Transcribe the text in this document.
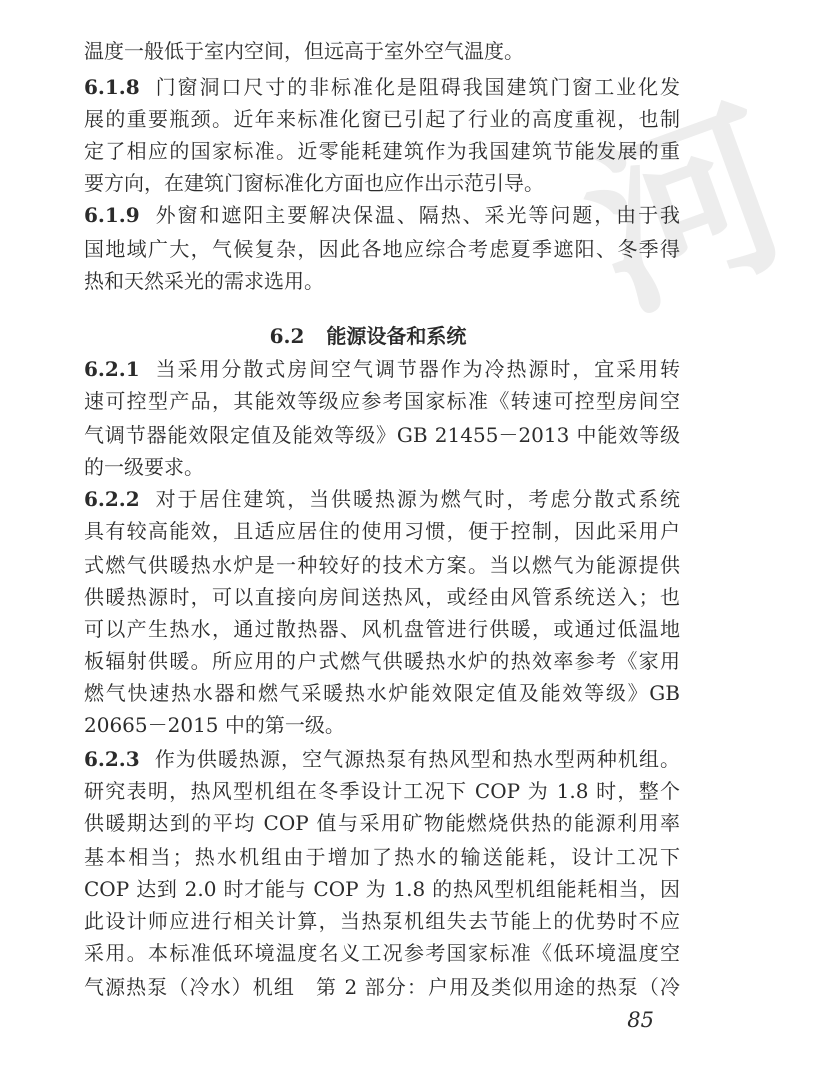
河
温度一般低于室内空间，但远高于室外空气温度。
6.1.8 门窗洞口尺寸的非标准化是阻碍我国建筑门窗工业化发
展的重要瓶颈。近年来标准化窗已引起了行业的高度重视，也制
定了相应的国家标准。近零能耗建筑作为我国建筑节能发展的重
要方向，在建筑门窗标准化方面也应作出示范引导。
6.1.9 外窗和遮阳主要解决保温、隔热、采光等问题，由于我
国地域广大，气候复杂，因此各地应综合考虑夏季遮阳、冬季得
热和天然采光的需求选用。
6.2.1 当采用分散式房间空气调节器作为冷热源时，宜采用转
速可控型产品，其能效等级应参考国家标准《转速可控型房间空
气调节器能效限定值及能效等级》GB 21455－2013 中能效等级
的一级要求。
6.2.2 对于居住建筑，当供暖热源为燃气时，考虑分散式系统
具有较高能效，且适应居住的使用习惯，便于控制，因此采用户
式燃气供暖热水炉是一种较好的技术方案。当以燃气为能源提供
供暖热源时，可以直接向房间送热风，或经由风管系统送入；也
可以产生热水，通过散热器、风机盘管进行供暖，或通过低温地
板辐射供暖。所应用的户式燃气供暖热水炉的热效率参考《家用
燃气快速热水器和燃气采暖热水炉能效限定值及能效等级》GB
20665－2015 中的第一级。
6.2.3 作为供暖热源，空气源热泵有热风型和热水型两种机组。
研究表明，热风型机组在冬季设计工况下 COP 为 1.8 时，整个
供暖期达到的平均 COP 值与采用矿物能燃烧供热的能源利用率
基本相当；热水机组由于增加了热水的输送能耗，设计工况下
COP 达到 2.0 时才能与 COP 为 1.8 的热风型机组能耗相当，因
此设计师应进行相关计算，当热泵机组失去节能上的优势时不应
采用。本标准低环境温度名义工况参考国家标准《低环境温度空
气源热泵（冷水）机组　第 2 部分：户用及类似用途的热泵（冷
6.2 能源设备和系统
85
